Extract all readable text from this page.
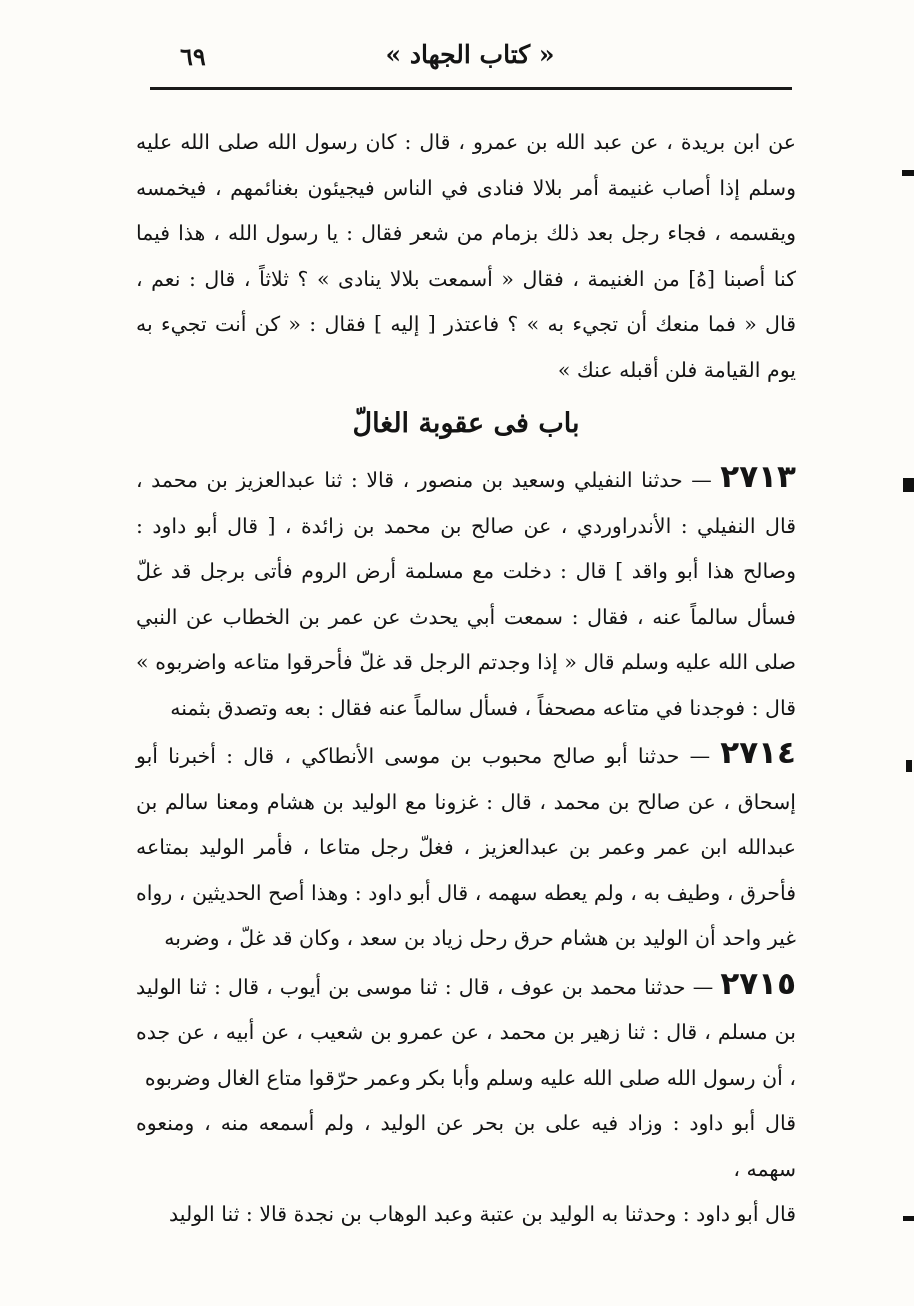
٦٩	« كتاب الجهاد »

عن ابن بريدة ، عن عبد الله بن عمرو ، قال : كان رسول الله صلى الله عليه وسلم إذا أصاب غنيمة أمر بلالا فنادى في الناس فيجيئون بغنائمهم ، فيخمسه ويقسمه ، فجاء رجل بعد ذلك بزمام من شعر فقال : يا رسول الله ، هذا فيما كنا أصبنا [هُ] من الغنيمة ، فقال « أسمعت بلالا ينادى » ؟ ثلاثاً ، قال : نعم ، قال « فما منعك أن تجيء به » ؟ فاعتذر [ إليه ] فقال : « كن أنت تجيء به يوم القيامة فلن أقبله عنك »

باب فى عقوبة الغالّ

٢٧١٣ — حدثنا النفيلي وسعيد بن منصور ، قالا : ثنا عبدالعزيز بن محمد ، قال النفيلي : الأندراوردي ، عن صالح بن محمد بن زائدة ، [ قال أبو داود : وصالح هذا أبو واقد ] قال : دخلت مع مسلمة أرض الروم فأتى برجل قد غلّ فسأل سالماً عنه ، فقال : سمعت أبي يحدث عن عمر بن الخطاب عن النبي صلى الله عليه وسلم قال « إذا وجدتم الرجل قد غلّ فأحرقوا متاعه واضربوه » قال : فوجدنا في متاعه مصحفاً ، فسأل سالماً عنه فقال : بعه وتصدق بثمنه

٢٧١٤ — حدثنا أبو صالح محبوب بن موسى الأنطاكي ، قال : أخبرنا أبو إسحاق ، عن صالح بن محمد ، قال : غزونا مع الوليد بن هشام ومعنا سالم بن عبدالله ابن عمر وعمر بن عبدالعزيز ، فغلّ رجل متاعا ، فأمر الوليد بمتاعه فأحرق ، وطيف به ، ولم يعطه سهمه ، قال أبو داود : وهذا أصح الحديثين ، رواه غير واحد أن الوليد بن هشام حرق رحل زياد بن سعد ، وكان قد غلّ ، وضربه

٢٧١٥ — حدثنا محمد بن عوف ، قال : ثنا موسى بن أيوب ، قال : ثنا الوليد بن مسلم ، قال : ثنا زهير بن محمد ، عن عمرو بن شعيب ، عن أبيه ، عن جده ، أن رسول الله صلى الله عليه وسلم وأبا بكر وعمر حرّقوا متاع الغال وضربوه

قال أبو داود : وزاد فيه على بن بحر عن الوليد ، ولم أسمعه منه ، ومنعوه سهمه ،

قال أبو داود : وحدثنا به الوليد بن عتبة وعبد الوهاب بن نجدة قالا : ثنا الوليد
